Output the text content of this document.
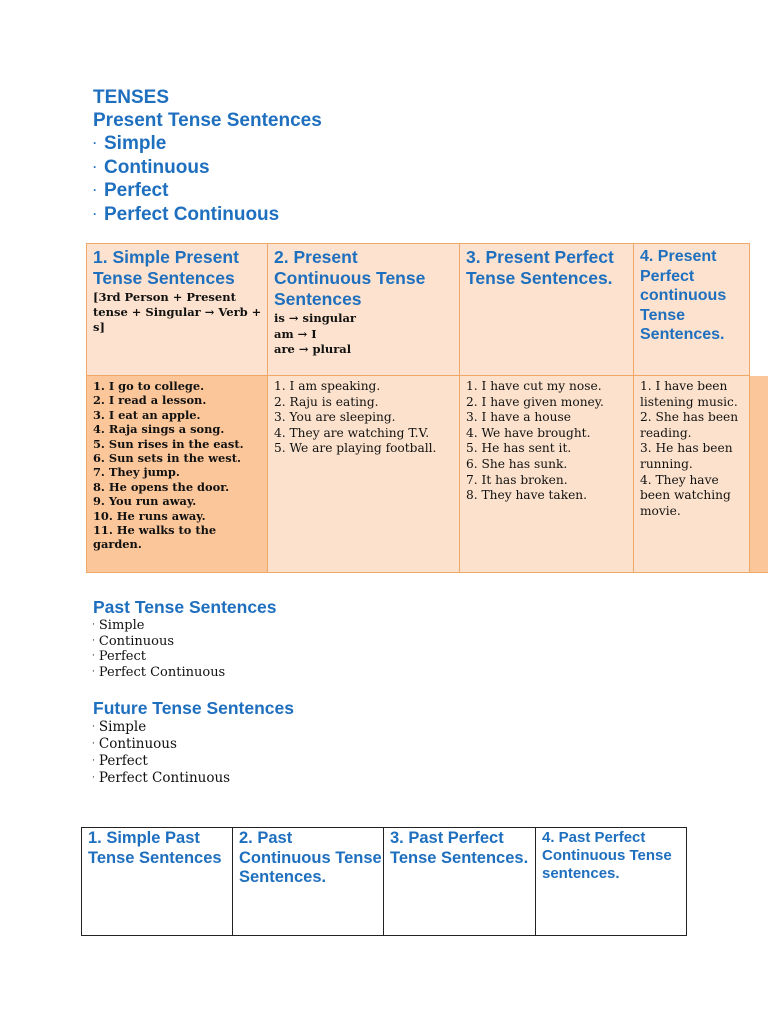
TENSES
Present Tense Sentences
· Simple
· Continuous
· Perfect
· Perfect Continuous
1. Simple Present Tense Sentences
[3rd Person + Present tense + Singular → Verb + s]
2. Present Continuous Tense Sentences
is → singular
am → I
are → plural
3. Present Perfect Tense Sentences.
4. Present Perfect continuous Tense Sentences.
1. I go to college.
2. I read a lesson.
3. I eat an apple.
4. Raja sings a song.
5. Sun rises in the east.
6. Sun sets in the west.
7. They jump.
8. He opens the door.
9. You run away.
10. He runs away.
11. He walks to the garden.
1. I am speaking.
2. Raju is eating.
3. You are sleeping.
4. They are watching T.V.
5. We are playing football.
1. I have cut my nose.
2. I have given money.
3. I have a house
4. We have brought.
5. He has sent it.
6. She has sunk.
7. It has broken.
8. They have taken.
1. I have been listening music.
2. She has been reading.
3. He has been running.
4. They have been watching movie.
Past Tense Sentences
· Simple
· Continuous
· Perfect
· Perfect Continuous
Future Tense Sentences
· Simple
· Continuous
· Perfect
· Perfect Continuous
1. Simple Past Tense Sentences
2. Past Continuous Tense Sentences.
3. Past Perfect Tense Sentences.
4. Past Perfect Continuous Tense sentences.
